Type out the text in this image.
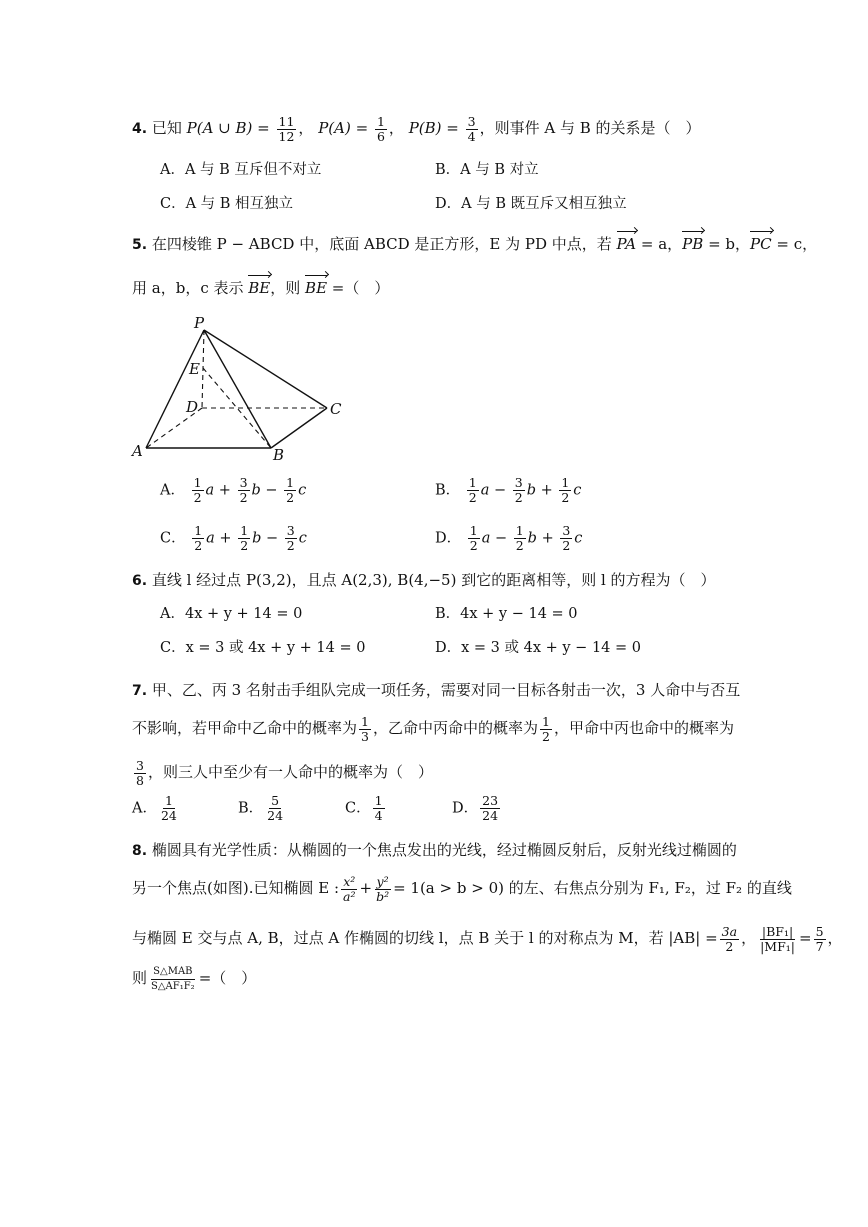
4. 已知 P(A ∪ $B) = \frac{11}{12}$ ， $P(A) = \frac{1}{6}$ ， $P(B) = \frac{3}{4}$ ，则事件 A 与 B 的关系是（　）
A．A 与 B 互斥但不对立	B．A 与 B 对立
C．A 与 B 相互独立	D．A 与 B 既互斥又相互独立
5. 在四棱锥 P − ABCD 中，底面 ABCD 是正方形，E 为 PD 中点，若 PA = a，PB = b，PC = c，
用 a，b，c 表示 BE，则 BE =（　）
P
E
D	C
A	B
A． $\frac{1}{2}$ $a + \frac{3}{2}$ $b - \frac{1}{2}$ c	B． $\frac{1}{2}$ $a - \frac{3}{2}$ $b + \frac{1}{2}$ c
C． $\frac{1}{2}$ $a + \frac{1}{2}$ $b - \frac{3}{2}$ c	D． $\frac{1}{2}$ $a - \frac{1}{2}$ $b + \frac{3}{2}$ c
6. 直线 l 经过点 P(3,2)，且点 A(2,3), B(4,−5) 到它的距离相等，则 l 的方程为（　）
A．4x + y + 14 = 0	B．4x + y − 14 = 0
C．x = 3 或 4x + y + 14 = 0	D．x = 3 或 4x + y − 14 = 0
7. 甲、乙、丙 3 名射击手组队完成一项任务，需要对同一目标各射击一次，3 人命中与否互
不影响，若甲命中乙命中的概率为 $\frac{1}{3}$ ，乙命中丙命中的概率为 $\frac{1}{2}$ ，甲命中丙也命中的概率为
$\frac{3}{8}$ ，则三人中至少有一人命中的概率为（　）
A． $\frac{1}{24}$	B． $\frac{5}{24}$	C． $\frac{1}{4}$	D． $\frac{23}{24}$
8. 椭圆具有光学性质：从椭圆的一个焦点发出的光线，经过椭圆反射后，反射光线过椭圆的
另一个焦点(如图).已知椭圆 E : $\frac{\text{x²}}{\text{a²}} + \frac{\text{y²}}{\text{b²}} = 1(a > b > 0)$ 的左、右焦点分别为 F₁, F₂，过 F₂ 的直线
与椭圆 E 交与点 A, B，过点 A 作椭圆的切线 l，点 B 关于 l 的对称点为 M，若 $|AB| = \frac{3a}{2}$ ， $\frac{\text{|BF₁|}}{\text{|MF₁|}} = \frac{5}{7}$ ，
则 $\frac{\text{S△MAB}}{\text{S△AF₁F₂}}$ =（　）
